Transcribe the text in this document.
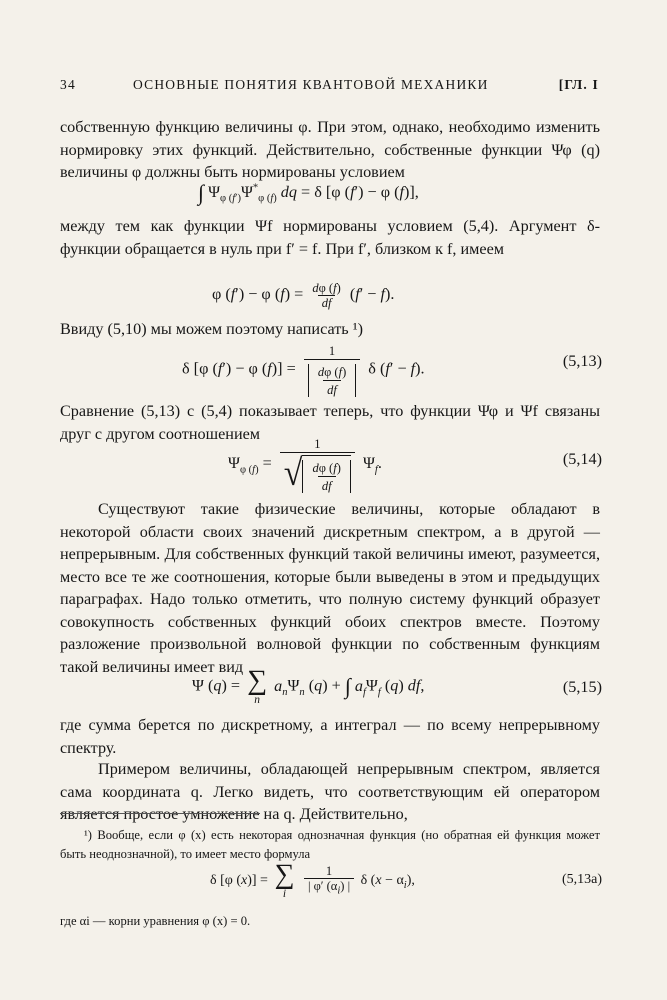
34	ОСНОВНЫЕ ПОНЯТИЯ КВАНТОВОЙ МЕХАНИКИ	[ГЛ. I
собственную функцию величины φ. При этом, однако, необходимо изменить нормировку этих функций. Действительно, собственные функции Ψφ (q) величины φ должны быть нормированы условием
∫ $\Psi_{\varphi (f')}\Psi^*_{\varphi (f)}$ dq = δ [φ (f′) − φ (f)],
между тем как функции Ψf нормированы условием (5,4). Аргумент δ-функции обращается в нуль при f′ = f. При f′, близком к f, имеем
φ (f′) − φ $(f) = \frac{d\varphi (f)}{df} (f' - f)$.
Ввиду (5,10) мы можем поэтому написать ¹)
δ [φ (f′) − φ $(f)] = \frac{1}{\frac{d\varphi (f)}{df}}$ δ (f′ − f).	(5,13)
Сравнение (5,13) с (5,4) показывает теперь, что функции Ψφ и Ψf связаны друг с другом соотношением
$\Psi_{\varphi (f)} = \frac{1}{√ \frac{d\varphi (f)}{df}} \Psi_f$.	(5,14)
Существуют такие физические величины, которые обладают в некоторой области своих значений дискретным спектром, а в другой — непрерывным. Для собственных функций такой величины имеют, разумеется, место все те же соотношения, которые были выведены в этом и предыдущих параграфах. Надо только отметить, что полную систему функций образует совокупность собственных функций обоих спектров вместе. Поэтому разложение произвольной волновой функции по собственным функциям такой величины имеет вид
Ψ (q) = ∑
n
$a_n\Psi_n$ (q) + ∫ $a_f\Psi_f$ (q) df,	(5,15)
где сумма берется по дискретному, а интеграл — по всему непрерывному спектру.
Примером величины, обладающей непрерывным спектром, является сама координата q. Легко видеть, что соответствующим ей оператором является простое умножение на q. Действительно,
¹) Вообще, если φ (x) есть некоторая однозначная функция (но обратная ей функция может быть неоднозначной), то имеет место формула
δ [φ (x)] = ∑
i
$\frac{1}{| \varphi' (\alpha_i) |}$ δ $(x - \alpha_i)$,	(5,13а)
где αi — корни уравнения φ (x) = 0.
